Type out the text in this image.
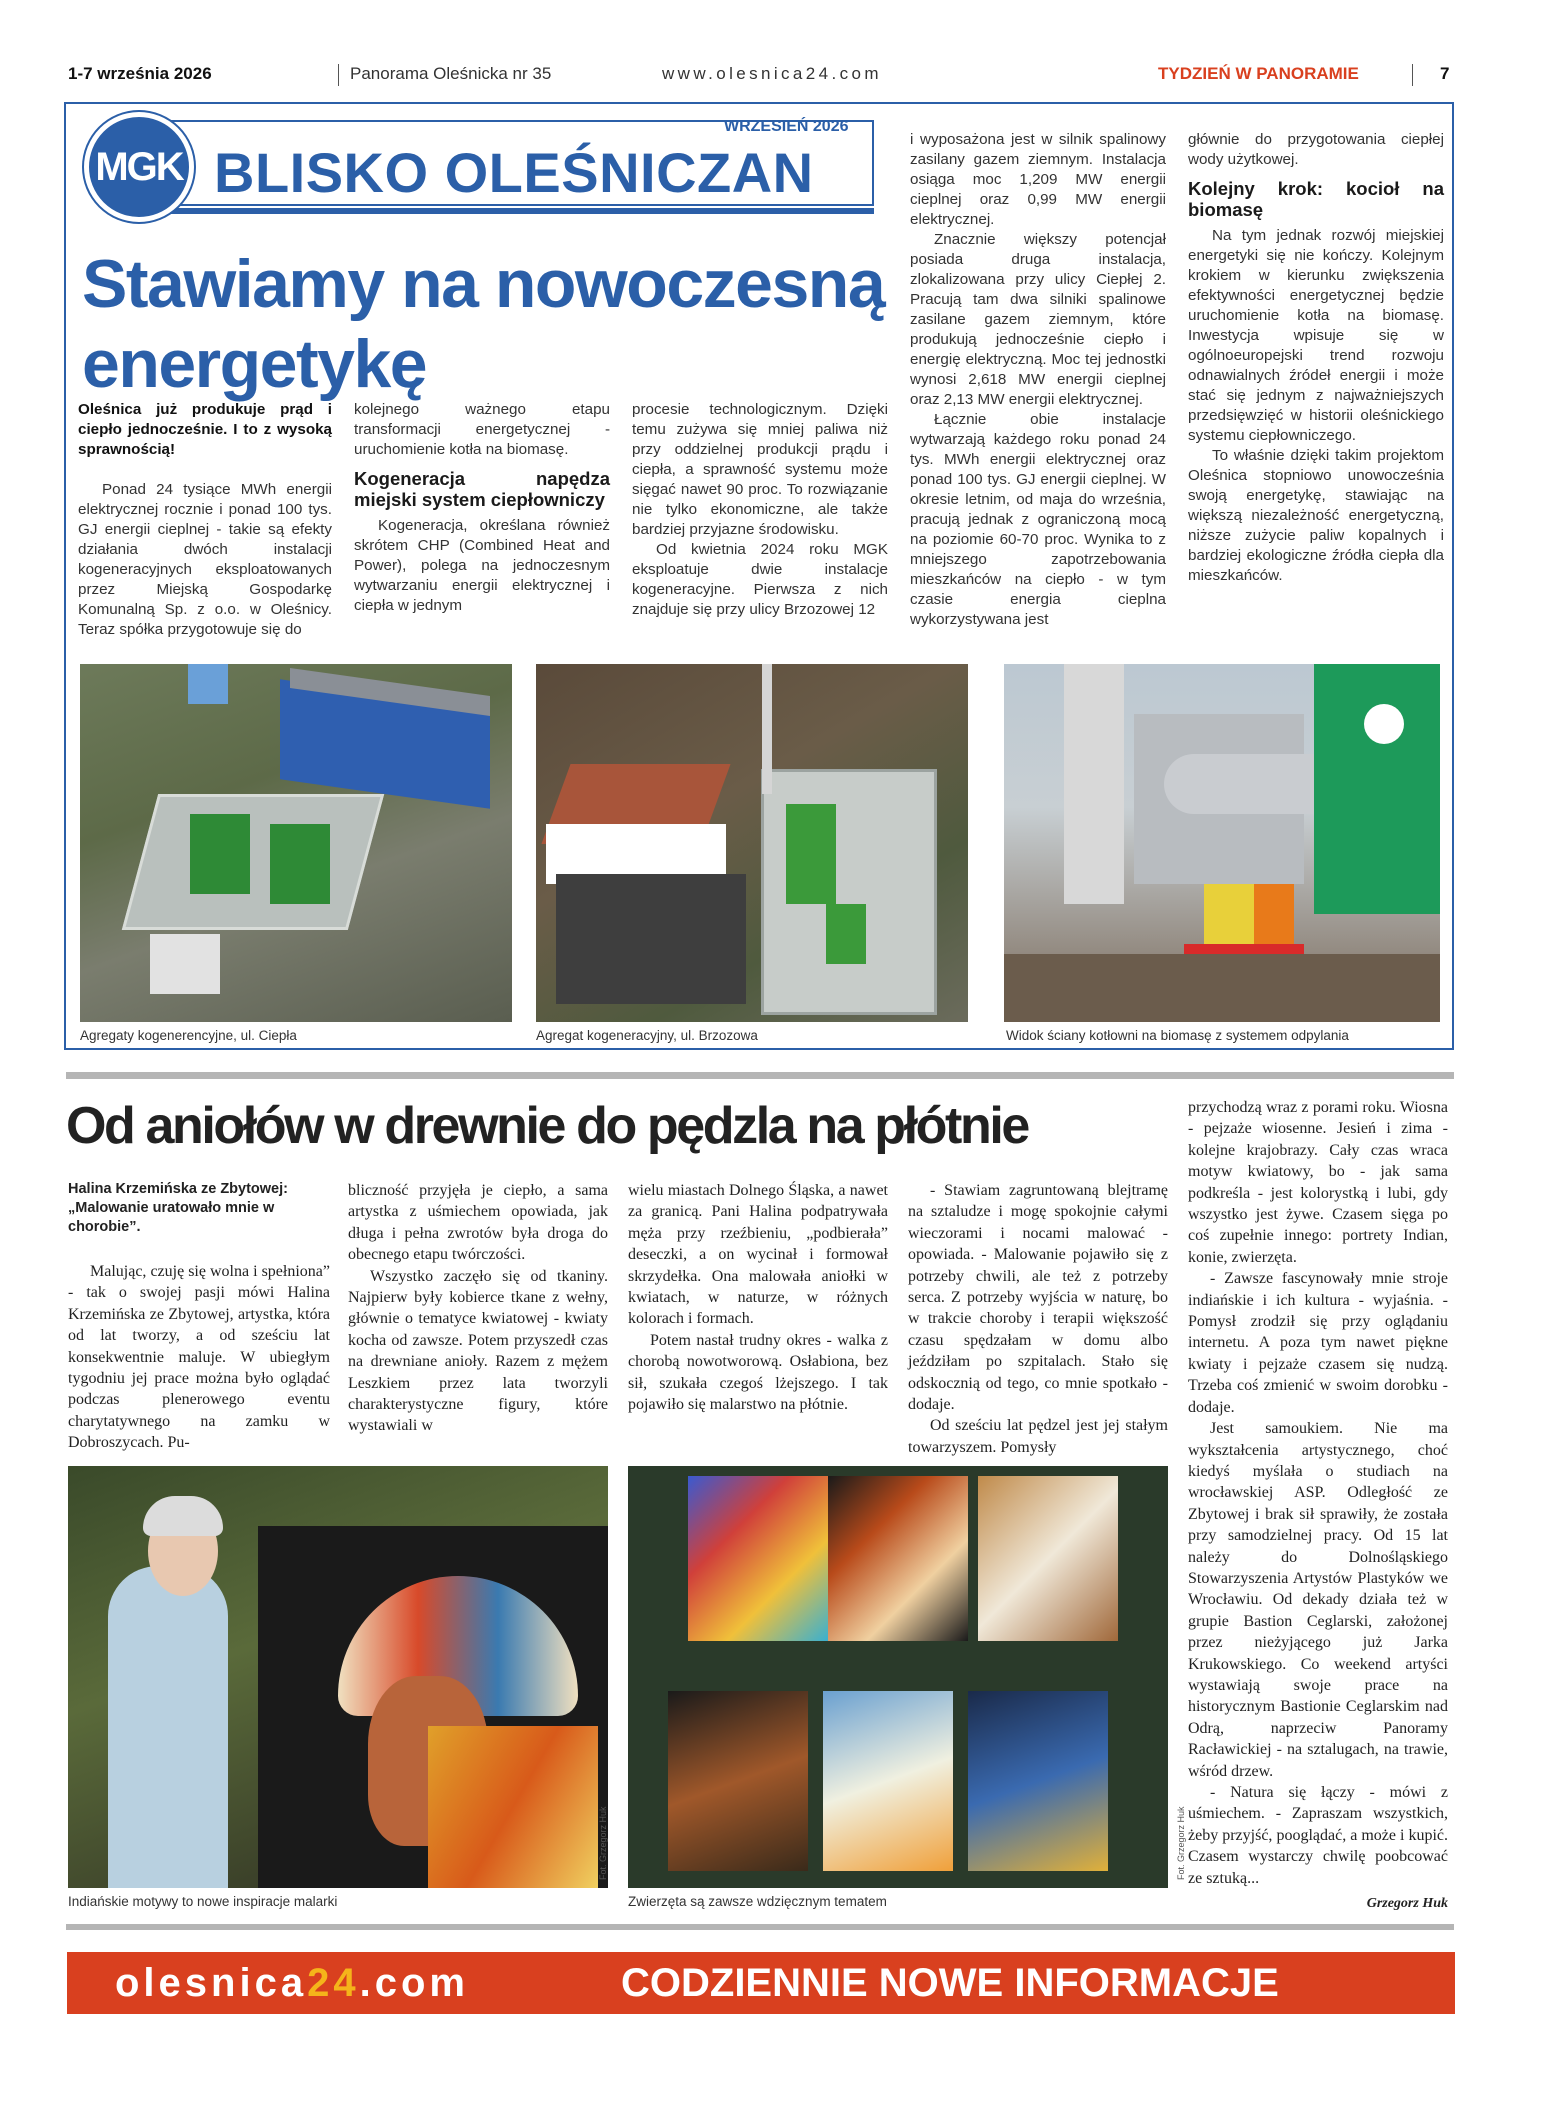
1-7 września 2026	Panorama Oleśnicka nr 35	www.olesnica24.com	TYDZIEŃ W PANORAMIE	7
MGK
WRZESIEŃ 2026
BLISKO OLEŚNICZAN
Stawiamy na nowoczesną
energetykę

Oleśnica już produkuje prąd i ciepło jednocześnie. I to z wysoką sprawnością!

Ponad 24 tysiące MWh energii elektrycznej rocznie i ponad 100 tys. GJ energii cieplnej - takie są efekty działania dwóch instalacji kogeneracyjnych eksploatowanych przez Miejską Gospodarkę Komunalną Sp. z o.o. w Oleśnicy. Teraz spółka przygotowuje się do

kolejnego ważnego etapu transformacji energetycznej - uruchomienie kotła na biomasę.

Kogeneracja napędza miejski system ciepłowniczy

Kogeneracja, określana również skrótem CHP (Combined Heat and Power), polega na jednoczesnym wytwarzaniu energii elektrycznej i ciepła w jednym

procesie technologicznym. Dzięki temu zużywa się mniej paliwa niż przy oddzielnej produkcji prądu i ciepła, a sprawność systemu może sięgać nawet 90 proc. To rozwiązanie nie tylko ekonomiczne, ale także bardziej przyjazne środowisku.

Od kwietnia 2024 roku MGK eksploatuje dwie instalacje kogeneracyjne. Pierwsza z nich znajduje się przy ulicy Brzozowej 12

i wyposażona jest w silnik spalinowy zasilany gazem ziemnym. Instalacja osiąga moc 1,209 MW energii cieplnej oraz 0,99 MW energii elektrycznej.

Znacznie większy potencjał posiada druga instalacja, zlokalizowana przy ulicy Ciepłej 2. Pracują tam dwa silniki spalinowe zasilane gazem ziemnym, które produkują jednocześnie ciepło i energię elektryczną. Moc tej jednostki wynosi 2,618 MW energii cieplnej oraz 2,13 MW energii elektrycznej.

Łącznie obie instalacje wytwarzają każdego roku ponad 24 tys. MWh energii elektrycznej oraz ponad 100 tys. GJ energii cieplnej. W okresie letnim, od maja do września, pracują jednak z ograniczoną mocą na poziomie 60-70 proc. Wynika to z mniejszego zapotrzebowania mieszkańców na ciepło - w tym czasie energia cieplna wykorzystywana jest

głównie do przygotowania ciepłej wody użytkowej.

Kolejny krok: kocioł na biomasę

Na tym jednak rozwój miejskiej energetyki się nie kończy. Kolejnym krokiem w kierunku zwiększenia efektywności energetycznej będzie uruchomienie kotła na biomasę. Inwestycja wpisuje się w ogólnoeuropejski trend rozwoju odnawialnych źródeł energii i może stać się jednym z najważniejszych przedsięwzięć w historii oleśnickiego systemu ciepłowniczego.

To właśnie dzięki takim projektom Oleśnica stopniowo unowocześnia swoją energetykę, stawiając na większą niezależność energetyczną, niższe zużycie paliw kopalnych i bardziej ekologiczne źródła ciepła dla mieszkańców.

Agregaty kogenerencyjne, ul. Ciepła	Agregat kogeneracyjny, ul. Brzozowa	Widok ściany kotłowni na biomasę z systemem odpylania
Od aniołów w drewnie do pędzla na płótnie

Halina Krzemińska ze Zbytowej: „Malowanie uratowało mnie w chorobie”.

Malując, czuję się wolna i spełniona” - tak o swojej pasji mówi Halina Krzemińska ze Zbytowej, artystka, która od lat tworzy, a od sześciu lat konsekwentnie maluje. W ubiegłym tygodniu jej prace można było oglądać podczas plenerowego eventu charytatywnego na zamku w Dobroszycach. Pu-

bliczność przyjęła je ciepło, a sama artystka z uśmiechem opowiada, jak długa i pełna zwrotów była droga do obecnego etapu twórczości.

Wszystko zaczęło się od tkaniny. Najpierw były kobierce tkane z wełny, głównie o tematyce kwiatowej - kwiaty kocha od zawsze. Potem przyszedł czas na drewniane anioły. Razem z mężem Leszkiem przez lata tworzyli charakterystyczne figury, które wystawiali w

wielu miastach Dolnego Śląska, a nawet za granicą. Pani Halina podpatrywała męża przy rzeźbieniu, „podbierała” deseczki, a on wycinał i formował skrzydełka. Ona malowała aniołki w kwiatach, w naturze, w różnych kolorach i formach.

Potem nastał trudny okres - walka z chorobą nowotworową. Osłabiona, bez sił, szukała czegoś lżejszego. I tak pojawiło się malarstwo na płótnie.

- Stawiam zagruntowaną blejtramę na sztaludze i mogę spokojnie całymi wieczorami i nocami malować - opowiada. - Malowanie pojawiło się z potrzeby chwili, ale też z potrzeby serca. Z potrzeby wyjścia w naturę, bo w trakcie choroby i terapii większość czasu spędzałam w domu albo jeździłam po szpitalach. Stało się odskocznią od tego, co mnie spotkało - dodaje.

Od sześciu lat pędzel jest jej stałym towarzyszem. Pomysły

przychodzą wraz z porami roku. Wiosna - pejzaże wiosenne. Jesień i zima - kolejne krajobrazy. Cały czas wraca motyw kwiatowy, bo - jak sama podkreśla - jest kolorystką i lubi, gdy wszystko jest żywe. Czasem sięga po coś zupełnie innego: portrety Indian, konie, zwierzęta.

- Zawsze fascynowały mnie stroje indiańskie i ich kultura - wyjaśnia. - Pomysł zrodził się przy oglądaniu internetu. A poza tym nawet piękne kwiaty i pejzaże czasem się nudzą. Trzeba coś zmienić w swoim dorobku - dodaje.

Jest samoukiem. Nie ma wykształcenia artystycznego, choć kiedyś myślała o studiach na wrocławskiej ASP. Odległość ze Zbytowej i brak sił sprawiły, że została przy samodzielnej pracy. Od 15 lat należy do Dolnośląskiego Stowarzyszenia Artystów Plastyków we Wrocławiu. Od dekady działa też w grupie Bastion Ceglarski, założonej przez nieżyjącego już Jarka Krukowskiego. Co weekend artyści wystawiają swoje prace na historycznym Bastionie Ceglarskim nad Odrą, naprzeciw Panoramy Racławickiej - na sztalugach, na trawie, wśród drzew.

- Natura się łączy - mówi z uśmiechem. - Zapraszam wszystkich, żeby przyjść, pooglądać, a może i kupić. Czasem wystarczy chwilę poobcować ze sztuką...

Grzegorz Huk
Fot. Grzegorz Huk
Indiańskie motywy to nowe inspiracje malarki
Fot. Grzegorz Huk
Zwierzęta są zawsze wdzięcznym tematem
olesnica24.com	CODZIENNIE NOWE INFORMACJE
